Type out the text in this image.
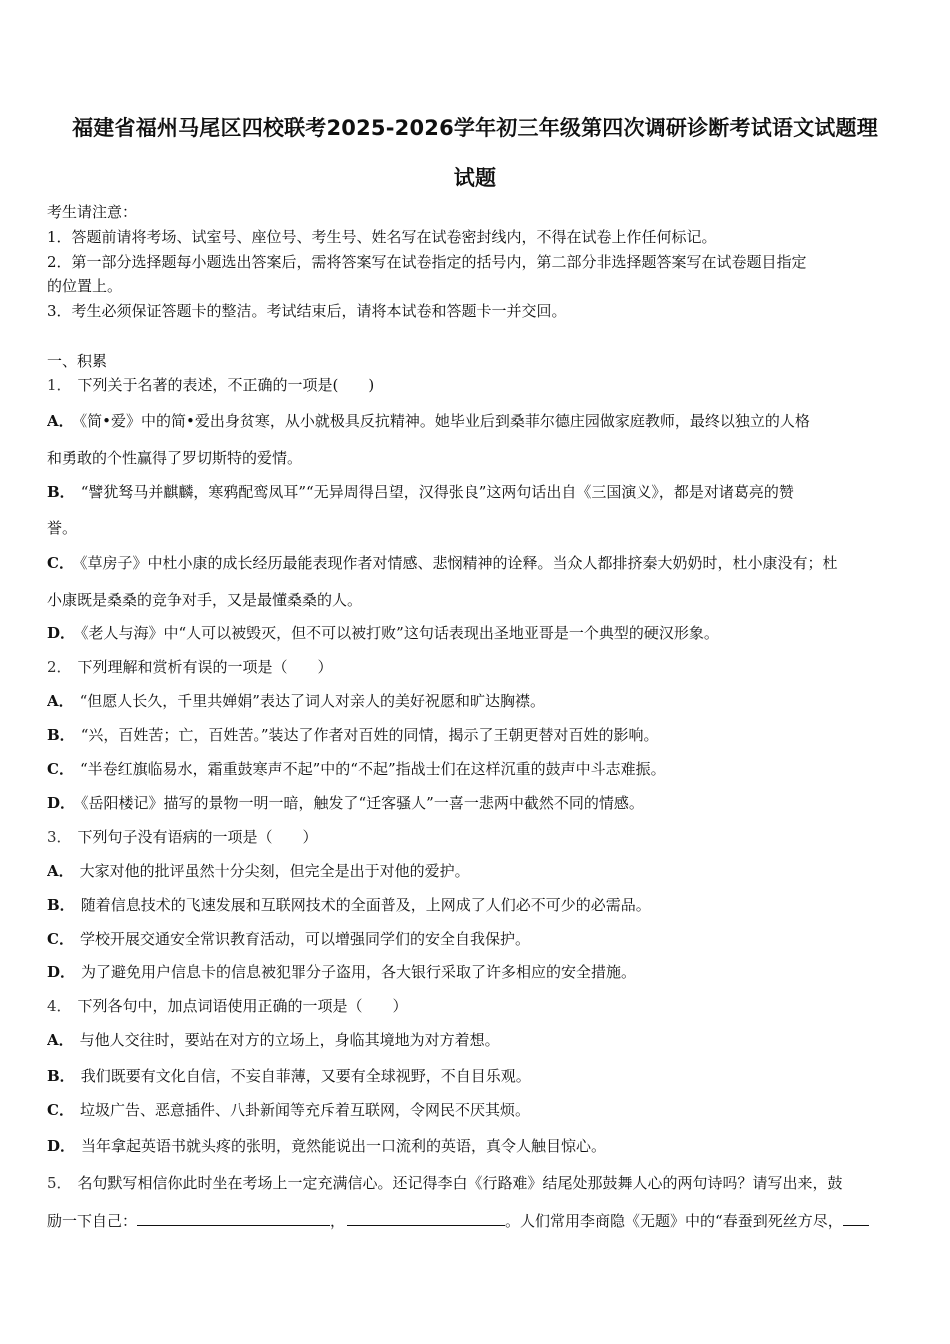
福建省福州马尾区四校联考2025-2026学年初三年级第四次调研诊断考试语文试题理
试题
考生请注意：
1．答题前请将考场、试室号、座位号、考生号、姓名写在试卷密封线内，不得在试卷上作任何标记。
2．第一部分选择题每小题选出答案后，需将答案写在试卷指定的括号内，第二部分非选择题答案写在试卷题目指定
的位置上。
3．考生必须保证答题卡的整洁。考试结束后，请将本试卷和答题卡一并交回。
一、积累
1． 下列关于名著的表述，不正确的一项是(　　)
A． 《简•爱》中的简•爱出身贫寒，从小就极具反抗精神。她毕业后到桑菲尔德庄园做家庭教师，最终以独立的人格
和勇敢的个性赢得了罗切斯特的爱情。
B． “譬犹驽马并麒麟，寒鸦配鸾凤耳”“无异周得吕望，汉得张良”这两句话出自《三国演义》，都是对诸葛亮的赞
誉。
C． 《草房子》中杜小康的成长经历最能表现作者对情感、悲悯精神的诠释。当众人都排挤秦大奶奶时，杜小康没有；杜
小康既是桑桑的竞争对手，又是最懂桑桑的人。
D． 《老人与海》中“人可以被毁灭，但不可以被打败”这句话表现出圣地亚哥是一个典型的硬汉形象。
2． 下列理解和赏析有误的一项是（　　）
A． “但愿人长久，千里共婵娟”表达了词人对亲人的美好祝愿和旷达胸襟。
B． “兴，百姓苦；亡，百姓苦。”装达了作者对百姓的同情，揭示了王朝更替对百姓的影响。
C． “半卷红旗临易水，霜重鼓寒声不起”中的“不起”指战士们在这样沉重的鼓声中斗志难振。
D． 《岳阳楼记》描写的景物一明一暗，触发了“迁客骚人”一喜一悲两中截然不同的情感。
3． 下列句子没有语病的一项是（　　）
A． 大家对他的批评虽然十分尖刻，但完全是出于对他的爱护。
B． 随着信息技术的飞速发展和互联网技术的全面普及，上网成了人们必不可少的必需品。
C． 学校开展交通安全常识教育活动，可以增强同学们的安全自我保护。
D． 为了避免用户信息卡的信息被犯罪分子盗用，各大银行采取了许多相应的安全措施。
4． 下列各句中，加点词语使用正确的一项是（　　）
A． 与他人交往时，要站在对方的立场上，身临其境地为对方着想。
B． 我们既要有文化自信，不妄自菲薄，又要有全球视野，不自目乐观。
C． 垃圾广告、恶意插件、八卦新闻等充斥着互联网，令网民不厌其烦。
D． 当年拿起英语书就头疼的张明，竟然能说出一口流利的英语，真令人触目惊心。
5． 名句默写相信你此时坐在考场上一定充满信心。还记得李白《行路难》结尾处那鼓舞人心的两句诗吗？请写出来，鼓
励一下自己：	，	。人们常用李商隐《无题》中的“春蚕到死丝方尽，
